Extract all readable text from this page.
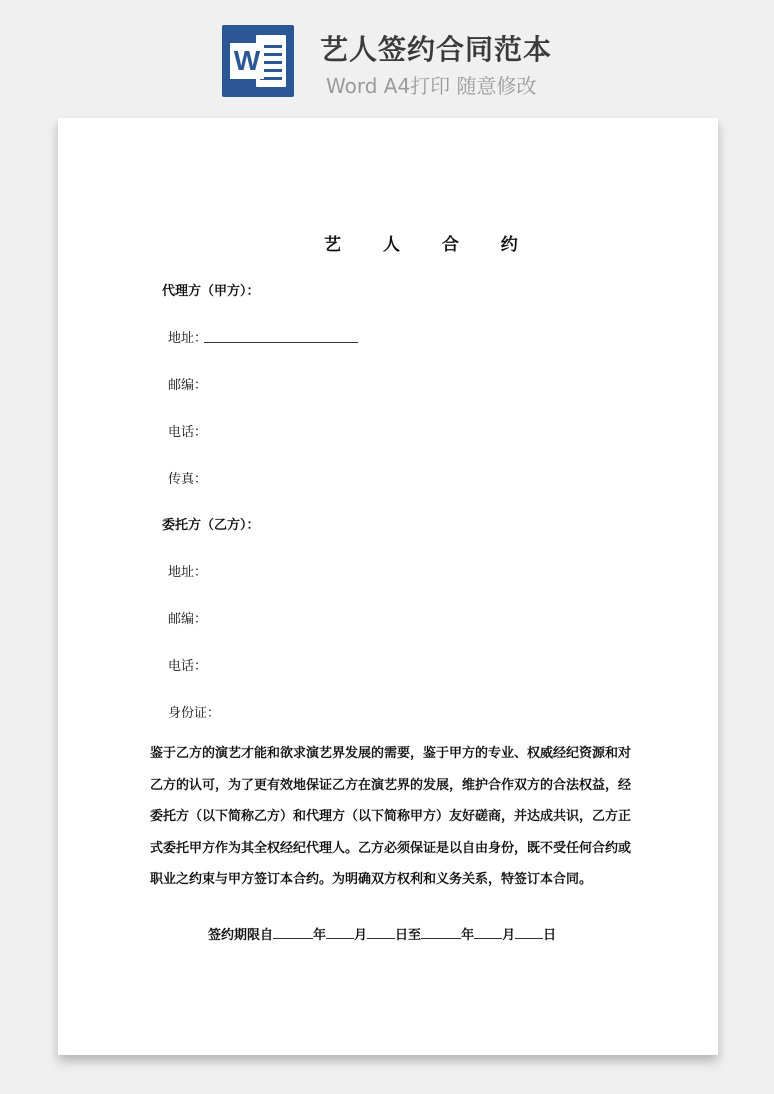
W 艺人签约合同范本
Word A4打印 随意修改
艺 人 合 约
代理方（甲方）：
地址：
邮编：
电话：
传真：
委托方（乙方）：
地址：
邮编：
电话：
身份证：
鉴于乙方的演艺才能和欲求演艺界发展的需要，鉴于甲方的专业、权威经纪资源和对乙方的认可，为了更有效地保证乙方在演艺界的发展，维护合作双方的合法权益，经委托方（以下简称乙方）和代理方（以下简称甲方）友好磋商，并达成共识，乙方正式委托甲方作为其全权经纪代理人。乙方必须保证是以自由身份，既不受任何合约或职业之约束与甲方签订本合约。为明确双方权利和义务关系，特签订本合同。
签约期限自	年 月 日至	年 月 日
